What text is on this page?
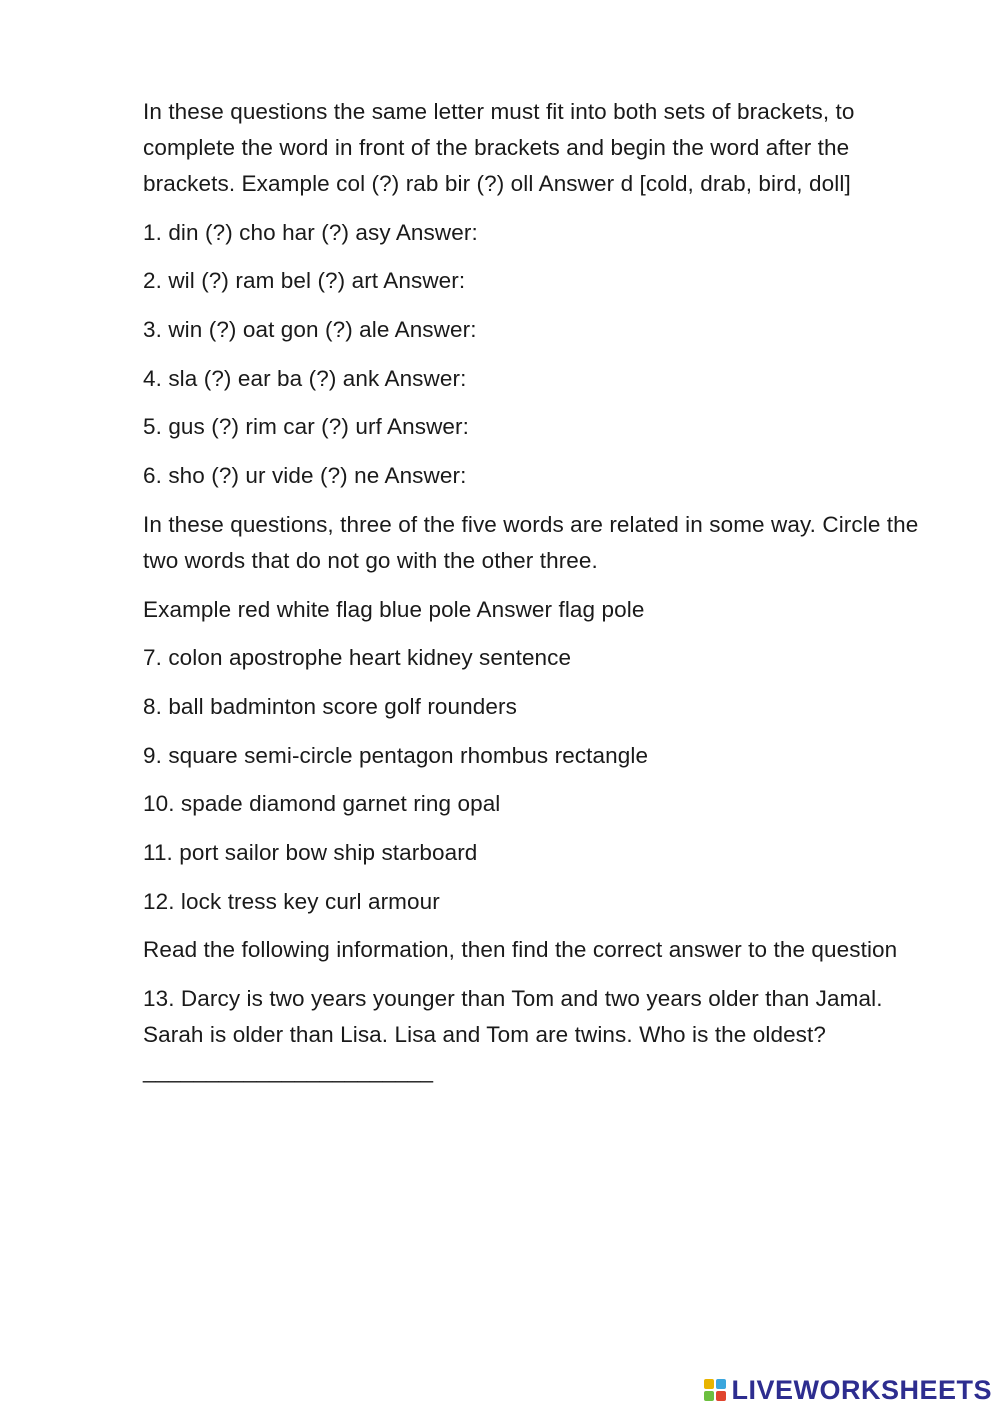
In these questions the same letter must fit into both sets of brackets, to complete the word in front of the brackets and begin the word after the brackets. Example col (?) rab bir (?) oll Answer d [cold, drab, bird, doll]

1. din (?) cho har (?) asy Answer:

2. wil (?) ram bel (?) art Answer:

3. win (?) oat gon (?) ale Answer:

4. sla (?) ear ba (?) ank Answer:

5. gus (?) rim car (?) urf Answer:

6. sho (?) ur vide (?) ne Answer:

In these questions, three of the five words are related in some way. Circle the two words that do not go with the other three.

Example red white flag blue pole Answer flag pole

7. colon apostrophe heart kidney sentence

8. ball badminton score golf rounders

9. square semi-circle pentagon rhombus rectangle

10. spade diamond garnet ring opal

11. port sailor bow ship starboard

12. lock tress key curl armour

Read the following information, then find the correct answer to the question

13. Darcy is two years younger than Tom and two years older than Jamal. Sarah is older than Lisa. Lisa and Tom are twins. Who is the oldest? _______________________

LIVEWORKSHEETS
